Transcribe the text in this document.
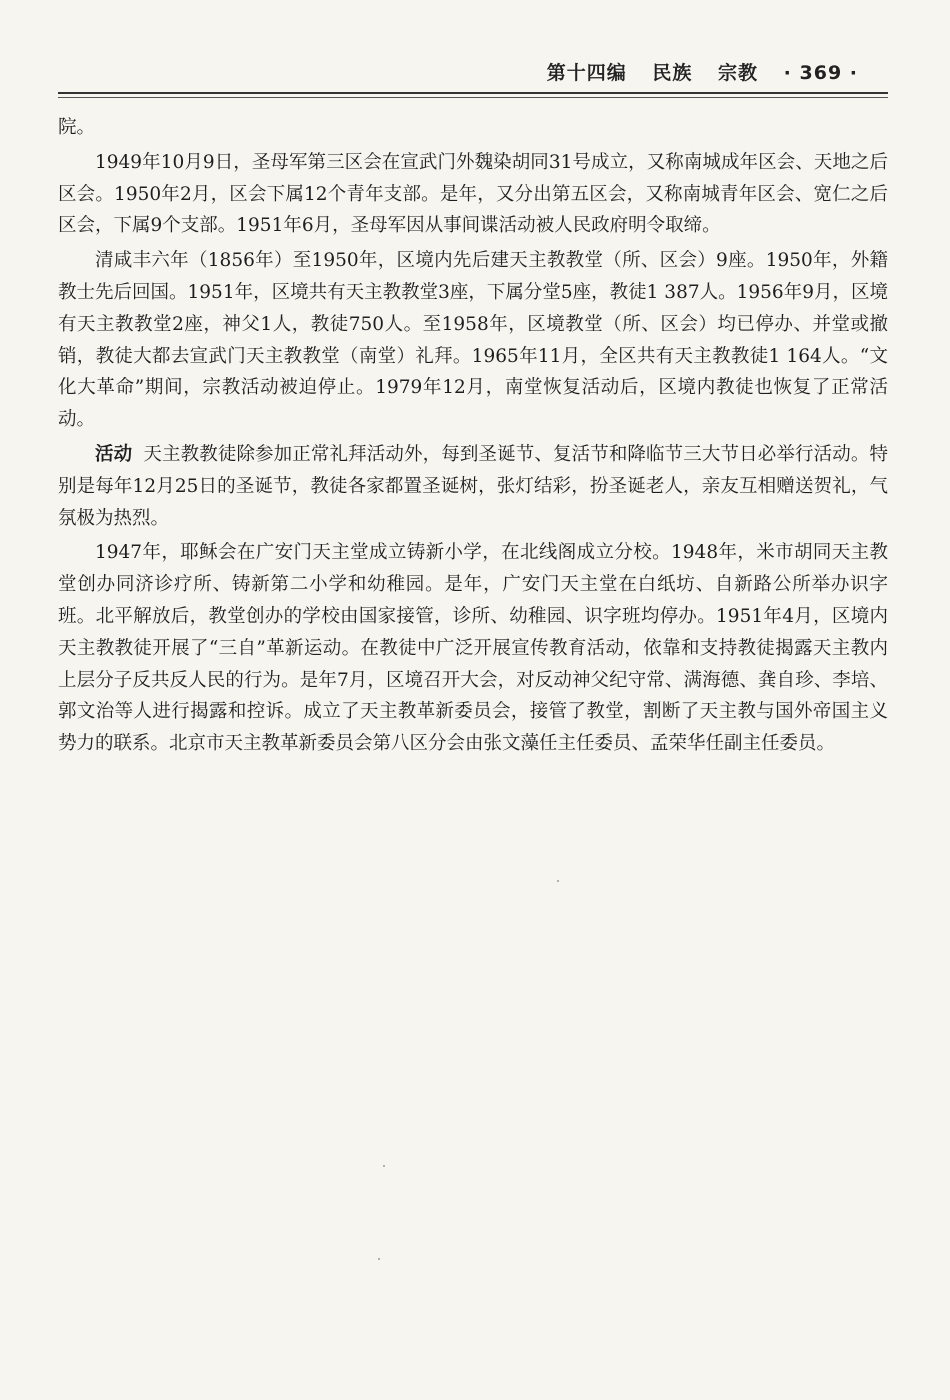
第十四编 民族 宗教 · 369 ·

院。

1949年10月9日，圣母军第三区会在宣武门外魏染胡同31号成立，又称南城成年区会、天地之后区会。1950年2月，区会下属12个青年支部。是年，又分出第五区会，又称南城青年区会、宽仁之后区会，下属9个支部。1951年6月，圣母军因从事间谍活动被人民政府明令取缔。

清咸丰六年（1856年）至1950年，区境内先后建天主教教堂（所、区会）9座。1950年，外籍教士先后回国。1951年，区境共有天主教教堂3座，下属分堂5座，教徒1 387人。1956年9月，区境有天主教教堂2座，神父1人，教徒750人。至1958年，区境教堂（所、区会）均已停办、并堂或撤销，教徒大都去宣武门天主教教堂（南堂）礼拜。1965年11月，全区共有天主教教徒1 164人。“文化大革命”期间，宗教活动被迫停止。1979年12月，南堂恢复活动后，区境内教徒也恢复了正常活动。

活动 天主教教徒除参加正常礼拜活动外，每到圣诞节、复活节和降临节三大节日必举行活动。特别是每年12月25日的圣诞节，教徒各家都置圣诞树，张灯结彩，扮圣诞老人，亲友互相赠送贺礼，气氛极为热烈。

1947年，耶稣会在广安门天主堂成立铸新小学，在北线阁成立分校。1948年，米市胡同天主教堂创办同济诊疗所、铸新第二小学和幼稚园。是年，广安门天主堂在白纸坊、自新路公所举办识字班。北平解放后，教堂创办的学校由国家接管，诊所、幼稚园、识字班均停办。1951年4月，区境内天主教教徒开展了“三自”革新运动。在教徒中广泛开展宣传教育活动，依靠和支持教徒揭露天主教内上层分子反共反人民的行为。是年7月，区境召开大会，对反动神父纪守常、满海德、龚自珍、李培、郭文治等人进行揭露和控诉。成立了天主教革新委员会，接管了教堂，割断了天主教与国外帝国主义势力的联系。北京市天主教革新委员会第八区分会由张文藻任主任委员、孟荣华任副主任委员。
